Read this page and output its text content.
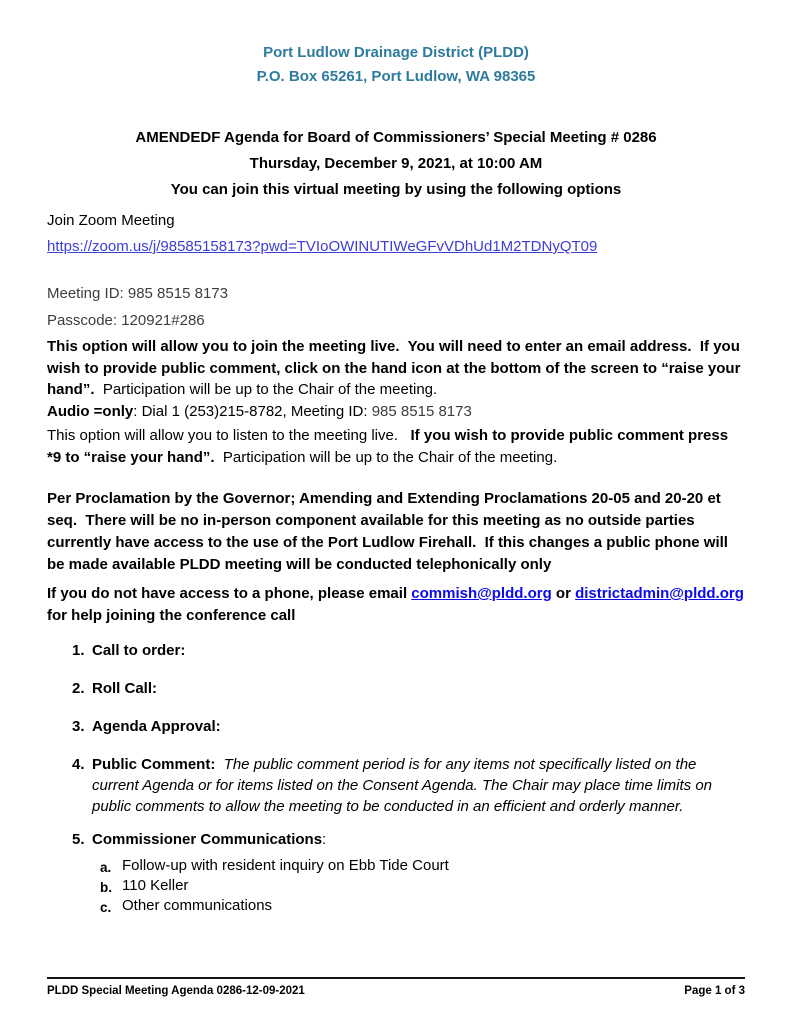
Port Ludlow Drainage District (PLDD)
P.O. Box 65261, Port Ludlow, WA 98365
AMENDEDF Agenda for Board of Commissioners’ Special Meeting # 0286
Thursday, December 9, 2021, at 10:00 AM
You can join this virtual meeting by using the following options

Join Zoom Meeting

https://zoom.us/j/98585158173?pwd=TVIoOWINUTIWeGFvVDhUd1M2TDNyQT09

Meeting ID: 985 8515 8173

Passcode: 120921#286

This option will allow you to join the meeting live.  You will need to enter an email address.  If you wish to provide public comment, click on the hand icon at the bottom of the screen to “raise your hand”.  Participation will be up to the Chair of the meeting.

Audio =only: Dial 1 (253)215-8782, Meeting ID: 985 8515 8173

This option will allow you to listen to the meeting live.   If you wish to provide public comment press *9 to “raise your hand”.  Participation will be up to the Chair of the meeting.

Per Proclamation by the Governor; Amending and Extending Proclamations 20-05 and 20-20 et seq.  There will be no in-person component available for this meeting as no outside parties currently have access to the use of the Port Ludlow Firehall.  If this changes a public phone will be made available PLDD meeting will be conducted telephonically only

If you do not have access to a phone, please email commish@pldd.org or districtadmin@pldd.org for help joining the conference call

1. Call to order:
2. Roll Call:
3. Agenda Approval:
4. Public Comment:  The public comment period is for any items not specifically listed on the current Agenda or for items listed on the Consent Agenda. The Chair may place time limits on public comments to allow the meeting to be conducted in an efficient and orderly manner.
5. Commissioner Communications:
a. Follow-up with resident inquiry on Ebb Tide Court
b. 110 Keller
c. Other communications
PLDD Special Meeting Agenda 0286-12-09-2021	Page 1 of 3
